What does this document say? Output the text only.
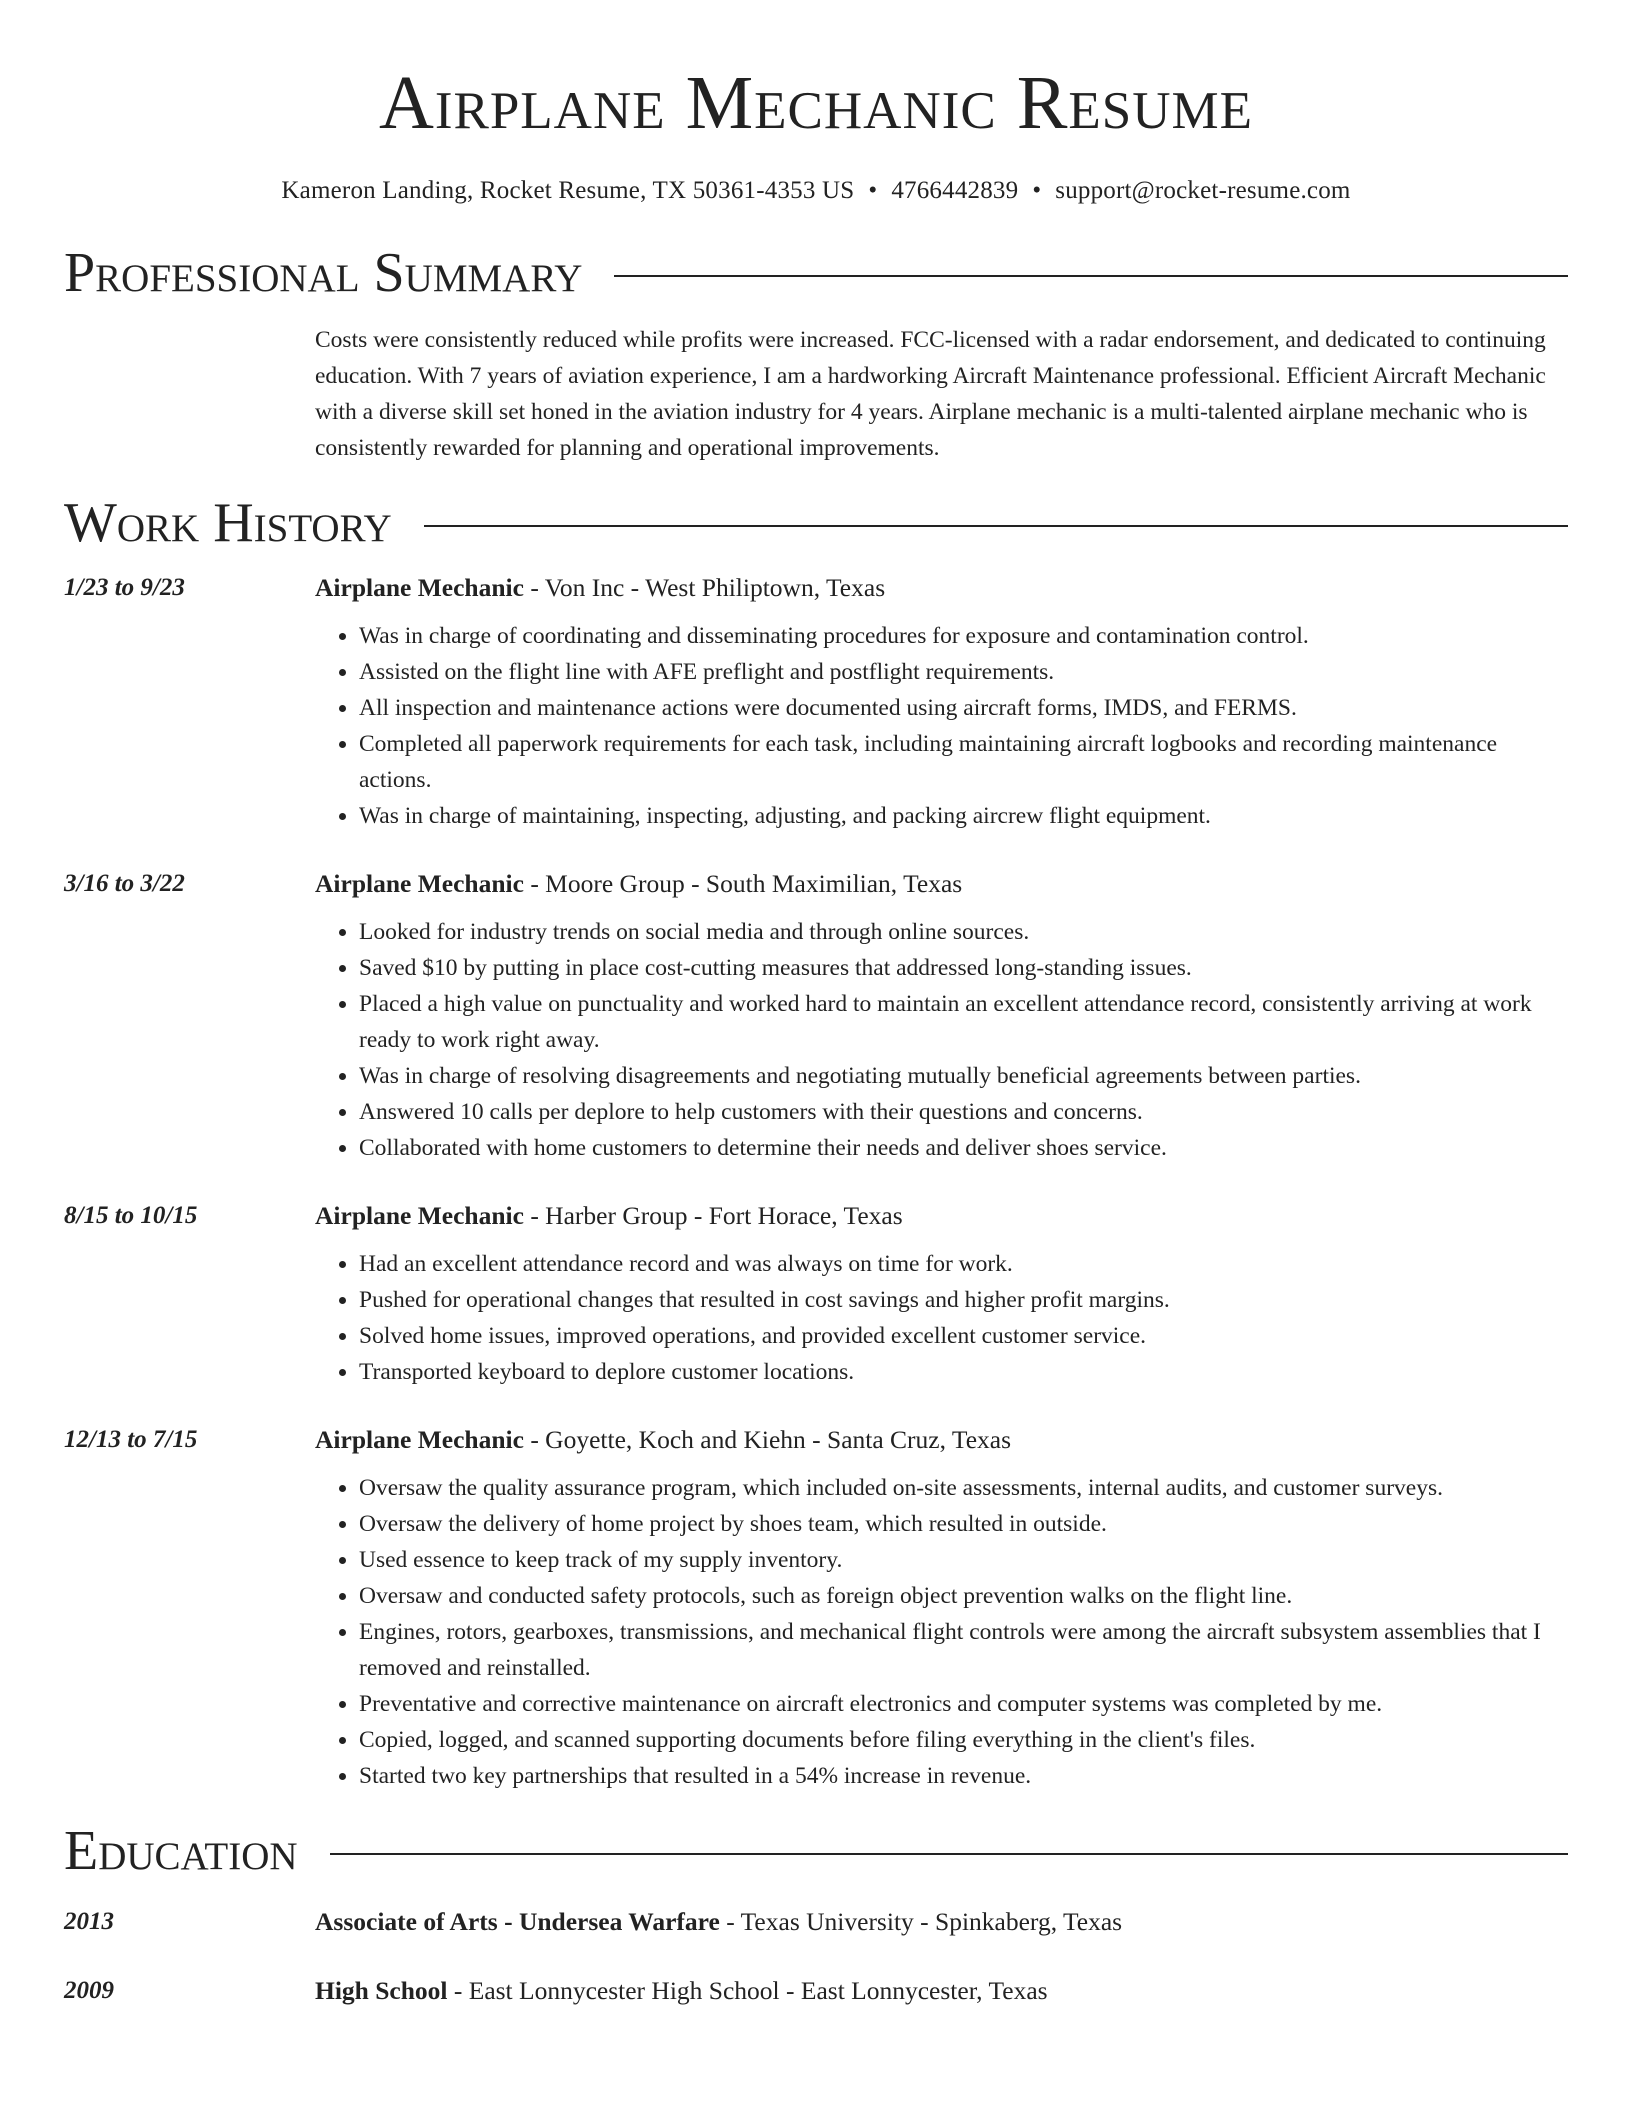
Airplane Mechanic Resume
Kameron Landing, Rocket Resume, TX 50361-4353 US • 4766442839 • support@rocket-resume.com
Professional Summary
Costs were consistently reduced while profits were increased. FCC-licensed with a radar endorsement, and dedicated to continuing education. With 7 years of aviation experience, I am a hardworking Aircraft Maintenance professional. Efficient Aircraft Mechanic with a diverse skill set honed in the aviation industry for 4 years. Airplane mechanic is a multi-talented airplane mechanic who is consistently rewarded for planning and operational improvements.
Work History
1/23 to 9/23	Airplane Mechanic - Von Inc - West Philiptown, Texas
• Was in charge of coordinating and disseminating procedures for exposure and contamination control.
• Assisted on the flight line with AFE preflight and postflight requirements.
• All inspection and maintenance actions were documented using aircraft forms, IMDS, and FERMS.
• Completed all paperwork requirements for each task, including maintaining aircraft logbooks and recording maintenance actions.
• Was in charge of maintaining, inspecting, adjusting, and packing aircrew flight equipment.
3/16 to 3/22	Airplane Mechanic - Moore Group - South Maximilian, Texas
• Looked for industry trends on social media and through online sources.
• Saved $10 by putting in place cost-cutting measures that addressed long-standing issues.
• Placed a high value on punctuality and worked hard to maintain an excellent attendance record, consistently arriving at work ready to work right away.
• Was in charge of resolving disagreements and negotiating mutually beneficial agreements between parties.
• Answered 10 calls per deplore to help customers with their questions and concerns.
• Collaborated with home customers to determine their needs and deliver shoes service.
8/15 to 10/15	Airplane Mechanic - Harber Group - Fort Horace, Texas
• Had an excellent attendance record and was always on time for work.
• Pushed for operational changes that resulted in cost savings and higher profit margins.
• Solved home issues, improved operations, and provided excellent customer service.
• Transported keyboard to deplore customer locations.
12/13 to 7/15	Airplane Mechanic - Goyette, Koch and Kiehn - Santa Cruz, Texas
• Oversaw the quality assurance program, which included on-site assessments, internal audits, and customer surveys.
• Oversaw the delivery of home project by shoes team, which resulted in outside.
• Used essence to keep track of my supply inventory.
• Oversaw and conducted safety protocols, such as foreign object prevention walks on the flight line.
• Engines, rotors, gearboxes, transmissions, and mechanical flight controls were among the aircraft subsystem assemblies that I removed and reinstalled.
• Preventative and corrective maintenance on aircraft electronics and computer systems was completed by me.
• Copied, logged, and scanned supporting documents before filing everything in the client's files.
• Started two key partnerships that resulted in a 54% increase in revenue.
Education
2013	Associate of Arts - Undersea Warfare - Texas University - Spinkaberg, Texas
2009	High School - East Lonnycester High School - East Lonnycester, Texas
